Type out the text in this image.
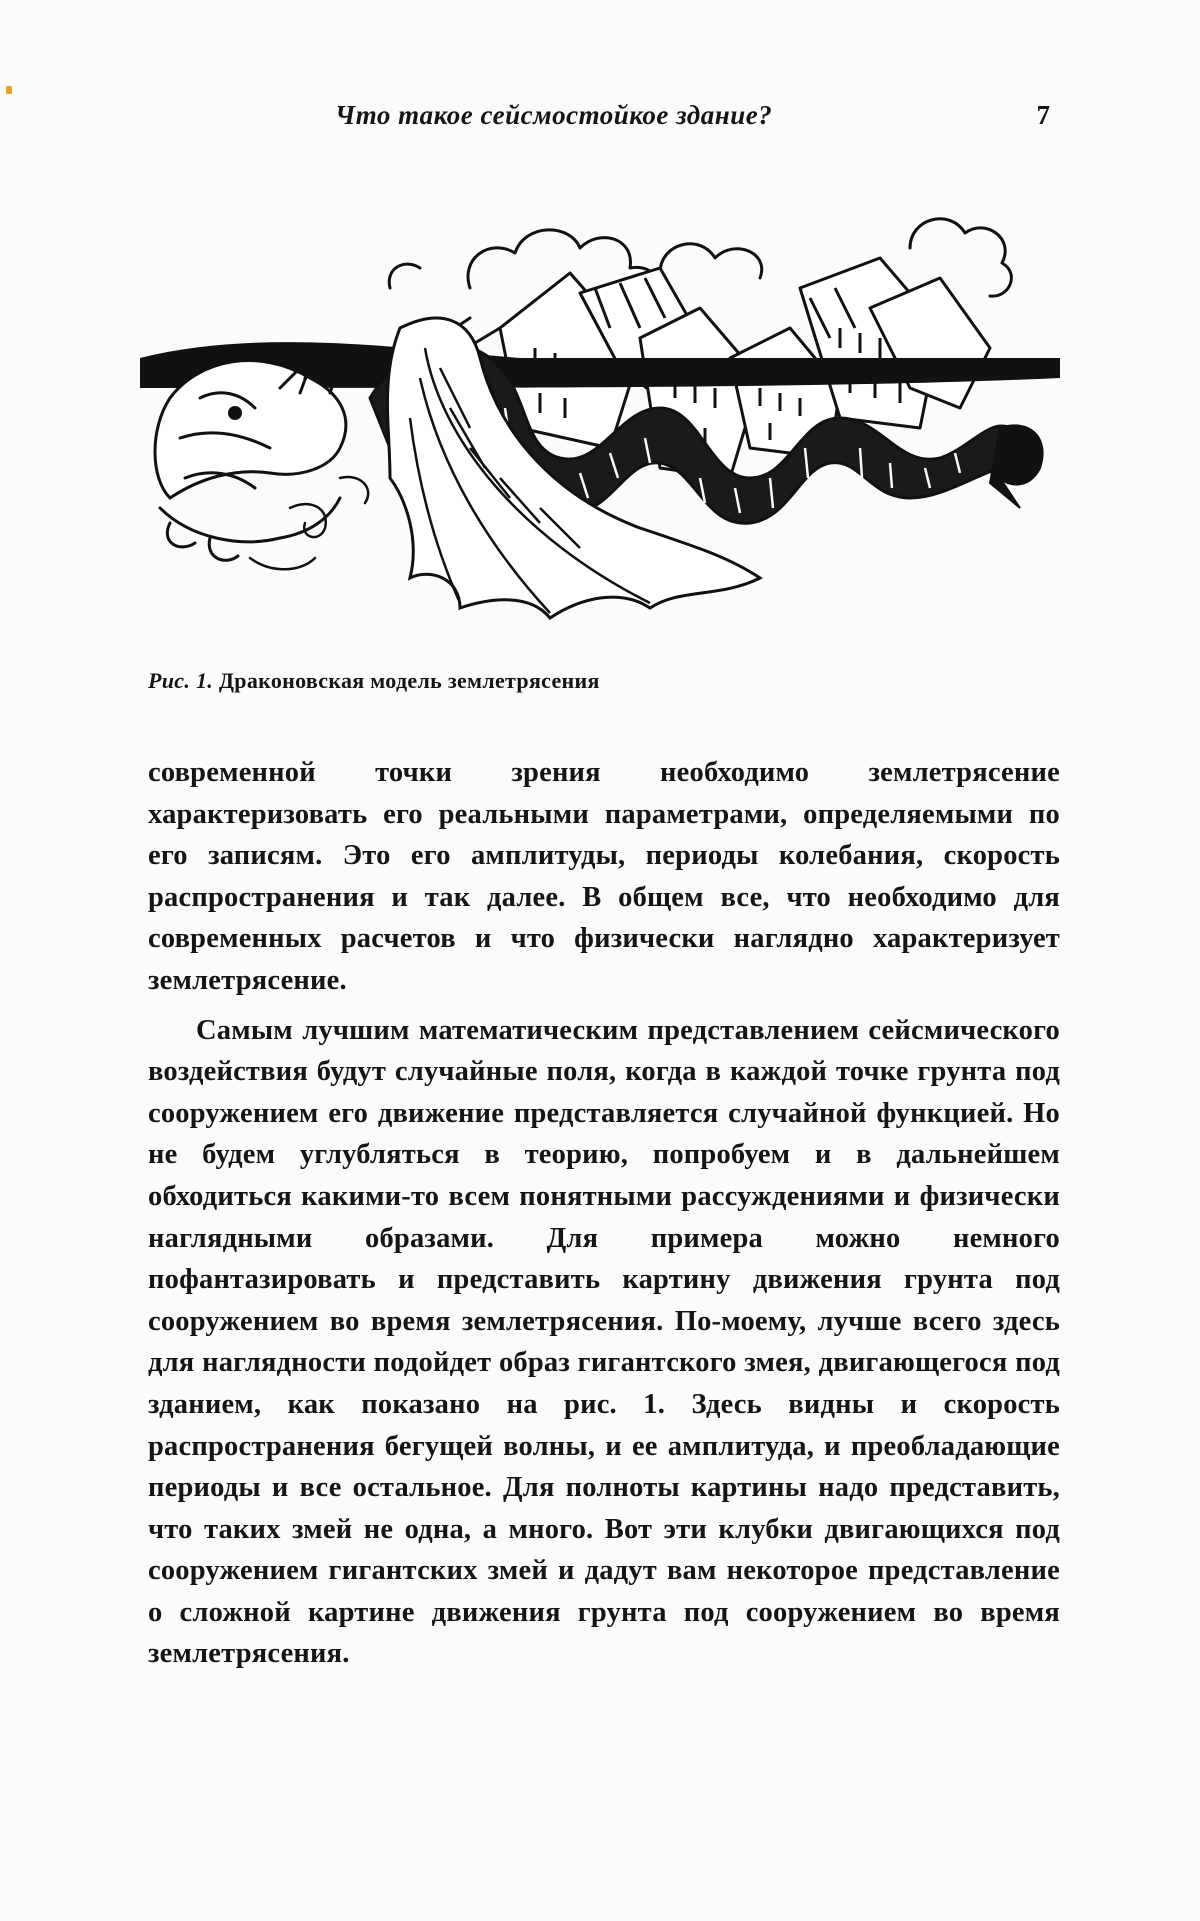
Что такое сейсмостойкое здание?	7
Рис. 1. Драконовская модель землетрясения

современной точки зрения необходимо землетрясение характеризовать его реальными параметрами, определяемыми по его записям. Это его амплитуды, периоды колебания, скорость распространения и так далее. В общем все, что необходимо для современных расчетов и что физически наглядно характеризует землетрясение.

Самым лучшим математическим представлением сейсмического воздействия будут случайные поля, когда в каждой точке грунта под сооружением его движение представляется случайной функцией. Но не будем углубляться в теорию, попробуем и в дальнейшем обходиться какими-то всем понятными рассуждениями и физически наглядными образами. Для примера можно немного пофантазировать и представить картину движения грунта под сооружением во время землетрясения. По-моему, лучше всего здесь для наглядности подойдет образ гигантского змея, двигающегося под зданием, как показано на рис. 1. Здесь видны и скорость распространения бегущей волны, и ее амплитуда, и преобладающие периоды и все остальное. Для полноты картины надо представить, что таких змей не одна, а много. Вот эти клубки двигающихся под сооружением гигантских змей и дадут вам некоторое представление о сложной картине движения грунта под сооружением во время землетрясения.
